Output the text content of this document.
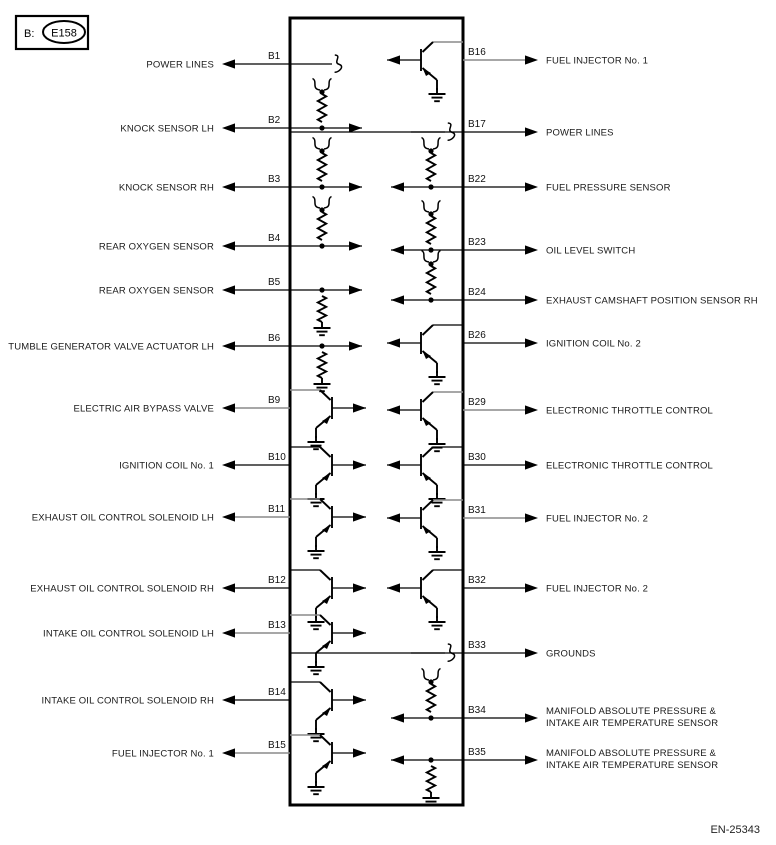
B: E158
B1
POWER LINES
B2
KNOCK SENSOR LH
B3
KNOCK SENSOR RH
B4
REAR OXYGEN SENSOR
B5
REAR OXYGEN SENSOR
B6
TUMBLE GENERATOR VALVE ACTUATOR LH
B9
ELECTRIC AIR BYPASS VALVE
B10
IGNITION COIL No. 1
B11
EXHAUST OIL CONTROL SOLENOID LH
B12
EXHAUST OIL CONTROL SOLENOID RH
B13
INTAKE OIL CONTROL SOLENOID LH
B14
INTAKE OIL CONTROL SOLENOID RH
B15
FUEL INJECTOR No. 1
B16
FUEL INJECTOR No. 1
B17
POWER LINES
B22
FUEL PRESSURE SENSOR
B23
OIL LEVEL SWITCH
B24
EXHAUST CAMSHAFT POSITION SENSOR RH
B26
IGNITION COIL No. 2
B29
ELECTRONIC THROTTLE CONTROL
B30
ELECTRONIC THROTTLE CONTROL
B31
FUEL INJECTOR No. 2
B32
FUEL INJECTOR No. 2
B33
GROUNDS
B34	MANIFOLD ABSOLUTE PRESSURE &
INTAKE AIR TEMPERATURE SENSOR
B35	MANIFOLD ABSOLUTE PRESSURE &
INTAKE AIR TEMPERATURE SENSOR
EN-25343
